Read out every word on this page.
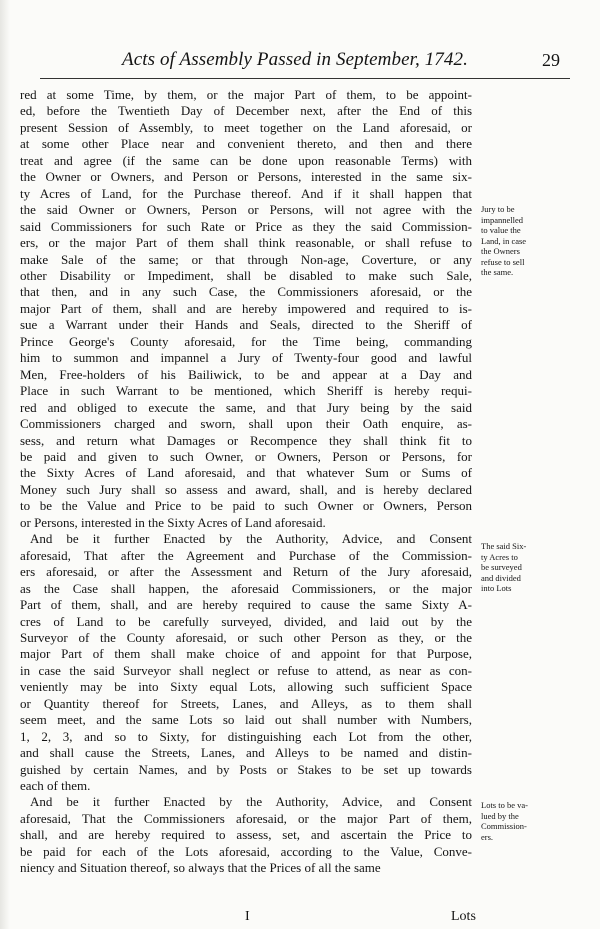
Acts of Assembly Passed in September, 1742.	29

red at some Time, by them, or the major Part of them, to be appoint-
ed, before the Twentieth Day of December next, after the End of this
present Session of Assembly, to meet together on the Land aforesaid, or
at some other Place near and convenient thereto, and then and there
treat and agree (if the same can be done upon reasonable Terms) with
the Owner or Owners, and Person or Persons, interested in the same six-
ty Acres of Land, for the Purchase thereof. And if it shall happen that
the said Owner or Owners, Person or Persons, will not agree with the
said Commissioners for such Rate or Price as they the said Commission-
ers, or the major Part of them shall think reasonable, or shall refuse to
make Sale of the same; or that through Non-age, Coverture, or any
other Disability or Impediment, shall be disabled to make such Sale,
that then, and in any such Case, the Commissioners aforesaid, or the
major Part of them, shall and are hereby impowered and required to is-
sue a Warrant under their Hands and Seals, directed to the Sheriff of
Prince George's County aforesaid, for the Time being, commanding
him to summon and impannel a Jury of Twenty-four good and lawful
Men, Free-holders of his Bailiwick, to be and appear at a Day and
Place in such Warrant to be mentioned, which Sheriff is hereby requi-
red and obliged to execute the same, and that Jury being by the said
Commissioners charged and sworn, shall upon their Oath enquire, as-
sess, and return what Damages or Recompence they shall think fit to
be paid and given to such Owner, or Owners, Person or Persons, for
the Sixty Acres of Land aforesaid, and that whatever Sum or Sums of
Money such Jury shall so assess and award, shall, and is hereby declared
to be the Value and Price to be paid to such Owner or Owners, Person
or Persons, interested in the Sixty Acres of Land aforesaid.

And be it further Enacted by the Authority, Advice, and Consent
aforesaid, That after the Agreement and Purchase of the Commission-
ers aforesaid, or after the Assessment and Return of the Jury aforesaid,
as the Case shall happen, the aforesaid Commissioners, or the major
Part of them, shall, and are hereby required to cause the same Sixty A-
cres of Land to be carefully surveyed, divided, and laid out by the
Surveyor of the County aforesaid, or such other Person as they, or the
major Part of them shall make choice of and appoint for that Purpose,
in case the said Surveyor shall neglect or refuse to attend, as near as con-
veniently may be into Sixty equal Lots, allowing such sufficient Space
or Quantity thereof for Streets, Lanes, and Alleys, as to them shall
seem meet, and the same Lots so laid out shall number with Numbers,
1, 2, 3, and so to Sixty, for distinguishing each Lot from the other,
and shall cause the Streets, Lanes, and Alleys to be named and distin-
guished by certain Names, and by Posts or Stakes to be set up towards
each of them.

And be it further Enacted by the Authority, Advice, and Consent
aforesaid, That the Commissioners aforesaid, or the major Part of them,
shall, and are hereby required to assess, set, and ascertain the Price to
be paid for each of the Lots aforesaid, according to the Value, Conve-
niency and Situation thereof, so always that the Prices of all the same

Jury to be
impannelled
to value the
Land, in case
the Owners
refuse to sell
the same.
The said Six-
ty Acres to
be surveyed
and divided
into Lots
Lots to be va-
lued by the
Commission-
ers.
I	Lots
